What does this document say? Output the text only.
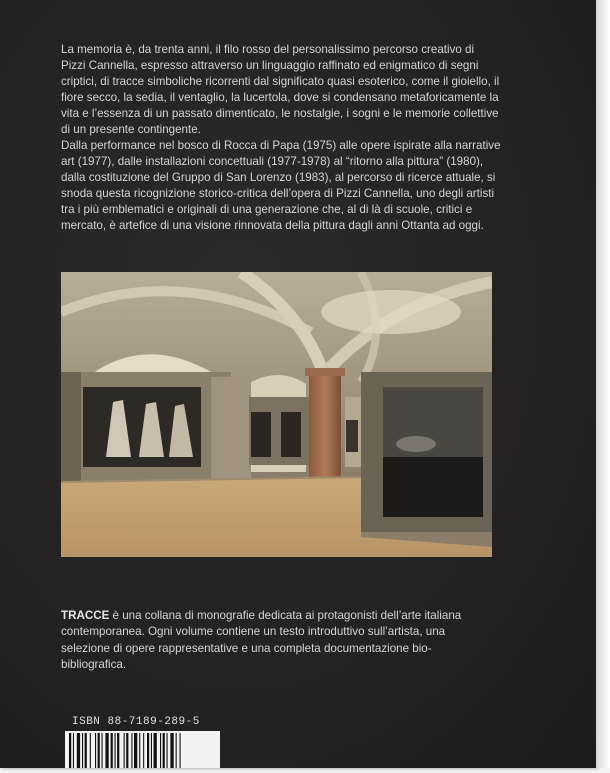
La memoria è, da trenta anni, il filo rosso del personalissimo percorso creativo di Pizzi Cannella, espresso attraverso un linguaggio raffinato ed enigmatico di segni criptici, di tracce simboliche ricorrenti dal significato quasi esoterico, come il gioiello, il fiore secco, la sedia, il ventaglio, la lucertola, dove si condensano metaforicamente la vita e l’essenza di un passato dimenticato, le nostalgie, i sogni e le memorie collettive di un presente contingente.

Dalla performance nel bosco di Rocca di Papa (1975) alle opere ispirate alla narrative art (1977), dalle installazioni concettuali (1977-1978) al “ritorno alla pittura” (1980), dalla costituzione del Gruppo di San Lorenzo (1983), al percorso di ricerce attuale, si snoda questa ricognizione storico-critica dell’opera di Pizzi Cannella, uno degli artisti tra i più emblematici e originali di una generazione che, al di là di scuole, critici e mercato, è artefice di una visione rinnovata della pittura dagli anni Ottanta ad oggi.

TRACCE è una collana di monografie dedicata ai protagonisti dell’arte italiana contemporanea. Ogni volume contiene un testo introduttivo sull’artista, una selezione di opere rappresentative e una completa documentazione bio-bibliografica.

ISBN 88-7189-289-5
